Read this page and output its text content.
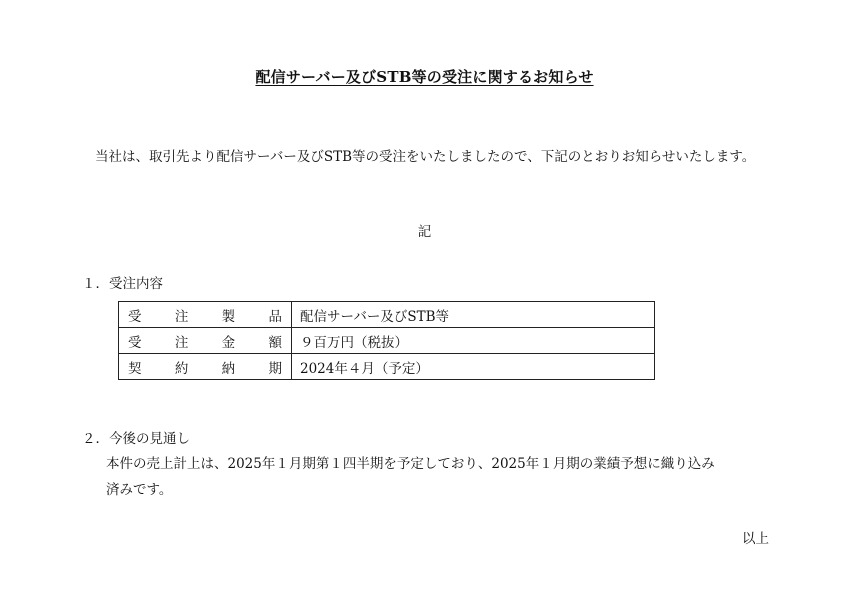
配信サーバー及びSTB等の受注に関するお知らせ
当社は、取引先より配信サーバー及びSTB等の受注をいたしましたので、下記のとおりお知らせいたします。
記
１．受注内容
受 注 製 品	配信サーバー及びSTB等

受 注 金 額	９百万円（税抜）

契 約 納 期	2024年４月（予定）
２．今後の見通し
本件の売上計上は、2025年１月期第１四半期を予定しており、2025年１月期の業績予想に織り込み
済みです。
以上
